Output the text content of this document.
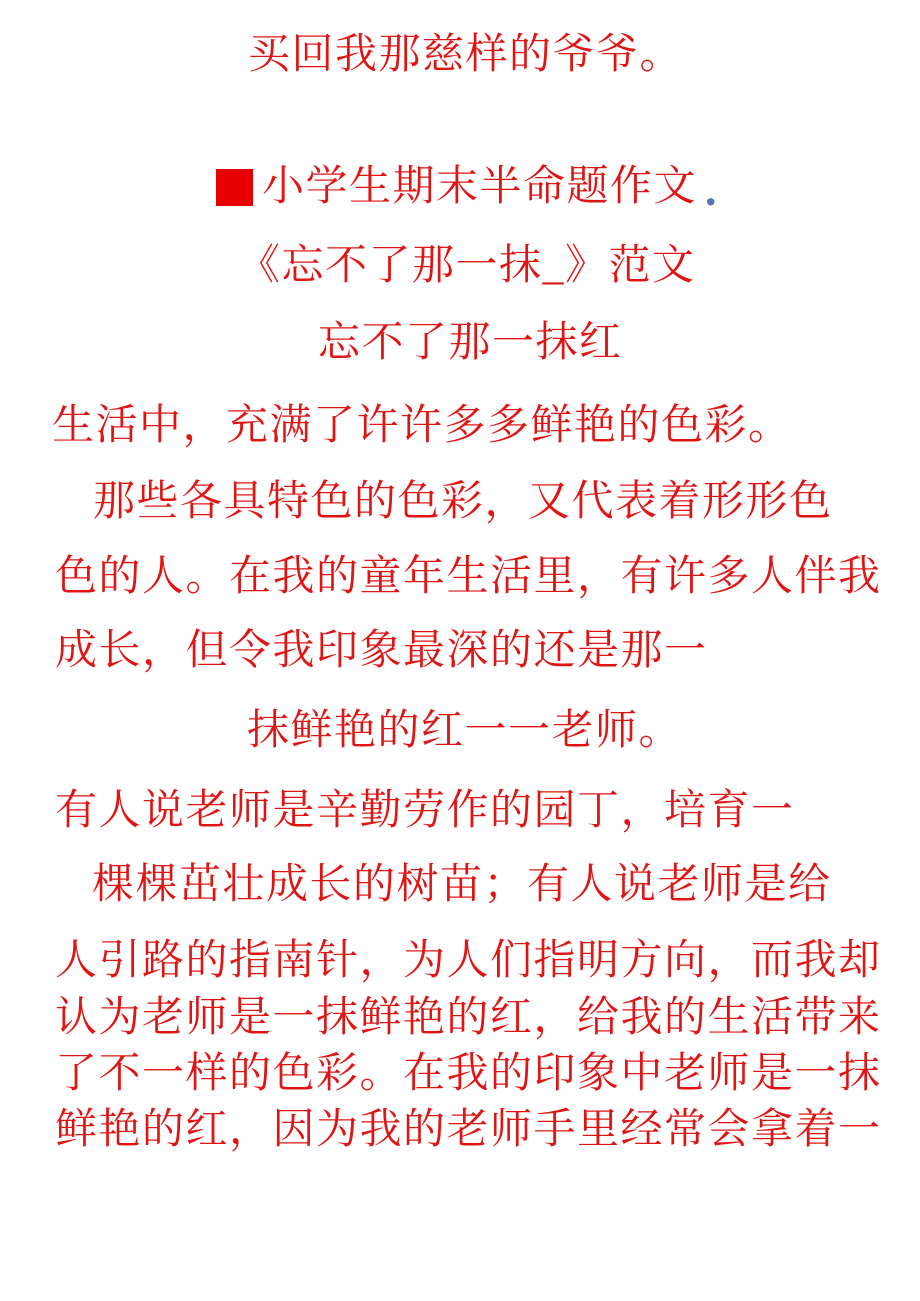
买回我那慈样的爷爷。
小学生期末半命题作文 .
《忘不了那一抹_》范文
忘不了那一抹红
生活中，充满了许许多多鲜艳的色彩。
那些各具特色的色彩，又代表着形形色
色的人。在我的童年生活里，有许多人伴我
成长，但令我印象最深的还是那一
抹鲜艳的红一一老师。
有人说老师是辛勤劳作的园丁，培育一
棵棵茁壮成长的树苗；有人说老师是给
人引路的指南针，为人们指明方向，而我却
认为老师是一抹鲜艳的红，给我的生活带来
了不一样的色彩。在我的印象中老师是一抹
鲜艳的红，因为我的老师手里经常会拿着一
